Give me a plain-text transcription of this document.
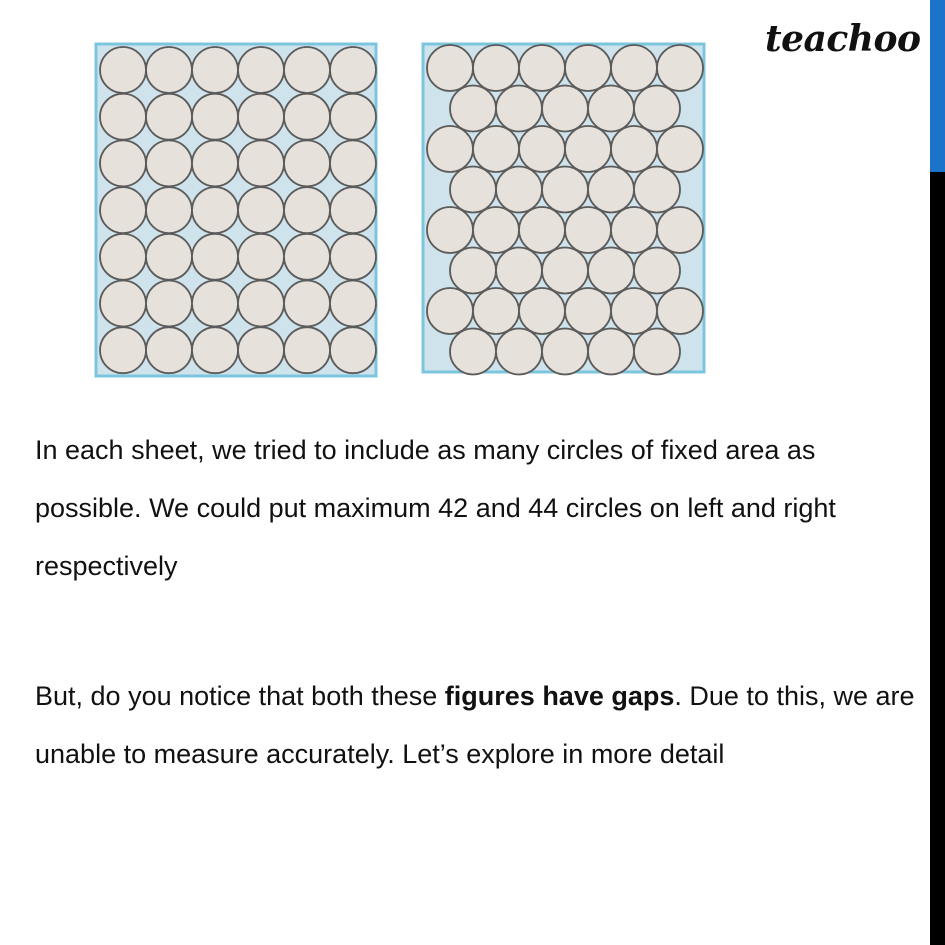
teachoo

In each sheet, we tried to include as many circles of fixed area as possible. We could put maximum 42 and 44 circles on left and right respectively

But, do you notice that both these figures have gaps. Due to this, we are unable to measure accurately. Let’s explore in more detail
